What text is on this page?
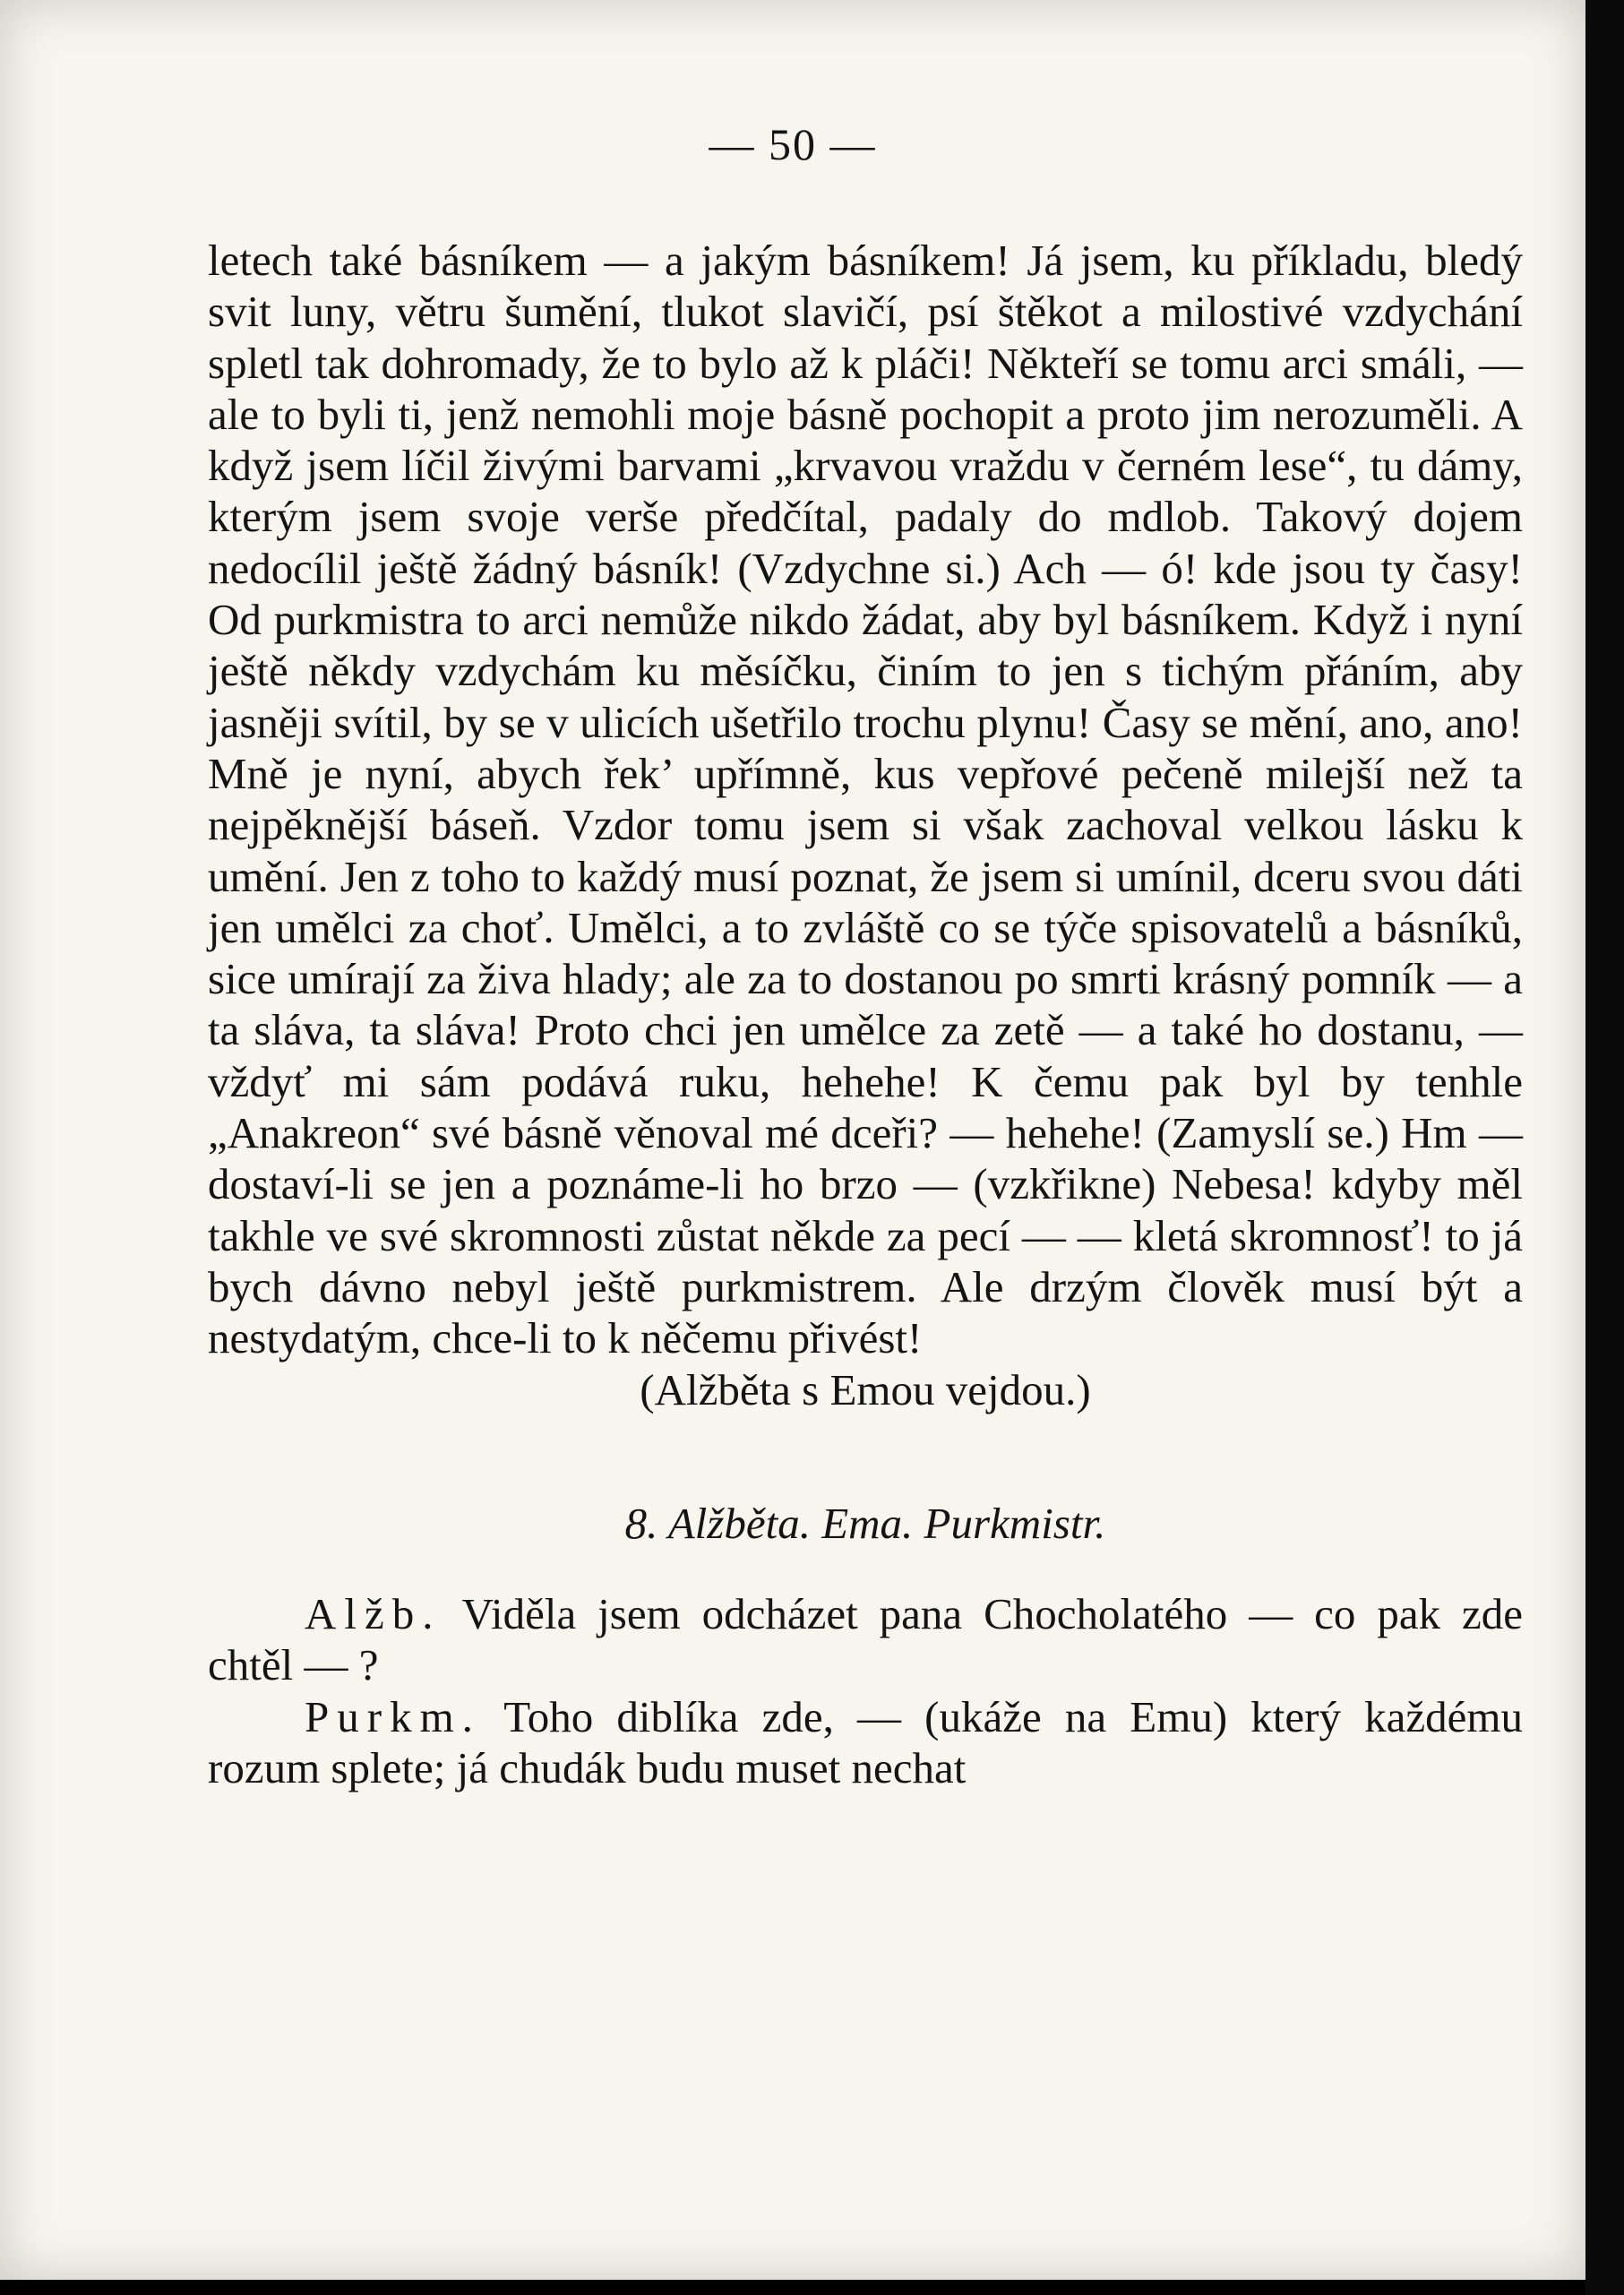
— 50 —

letech také básníkem — a jakým básníkem! Já jsem, ku příkladu, bledý svit luny, větru šumění, tlukot slavičí, psí štěkot a milostivé vzdychání spletl tak dohromady, že to bylo až k pláči! Někteří se tomu arci smáli, — ale to byli ti, jenž nemohli moje básně pochopit a proto jim nerozuměli. A když jsem líčil živými barvami „krvavou vraždu v černém lese“, tu dámy, kterým jsem svoje verše předčítal, padaly do mdlob. Takový dojem nedocílil ještě žádný básník! (Vzdychne si.) Ach — ó! kde jsou ty časy! Od purkmistra to arci nemůže nikdo žádat, aby byl básníkem. Když i nyní ještě někdy vzdychám ku měsíčku, činím to jen s tichým přáním, aby jasněji svítil, by se v ulicích ušetřilo trochu plynu! Časy se mění, ano, ano! Mně je nyní, abych řek’ upřímně, kus vepřové pečeně milejší než ta nejpěknější báseň. Vzdor tomu jsem si však zachoval velkou lásku k umění. Jen z toho to každý musí poznat, že jsem si umínil, dceru svou dáti jen umělci za choť. Umělci, a to zvláště co se týče spisovatelů a básníků, sice umírají za živa hlady; ale za to dostanou po smrti krásný pomník — a ta sláva, ta sláva! Proto chci jen umělce za zetě — a také ho dostanu, — vždyť mi sám podává ruku, hehehe! K čemu pak byl by tenhle „Anakreon“ své básně věnoval mé dceři? — hehehe! (Zamyslí se.) Hm — dostaví-li se jen a poznáme-li ho brzo — (vzkřikne) Nebesa! kdyby měl takhle ve své skromnosti zůstat někde za pecí — — kletá skromnosť! to já bych dávno nebyl ještě purkmistrem. Ale drzým člověk musí být a nestydatým, chce-li to k něčemu přivést!

(Alžběta s Emou vejdou.)

8. Alžběta. Ema. Purkmistr.

Alžb. Viděla jsem odcházet pana Chocholatého — co pak zde chtěl — ?

Purkm. Toho diblíka zde, — (ukáže na Emu) který každému rozum splete; já chudák budu muset nechat
